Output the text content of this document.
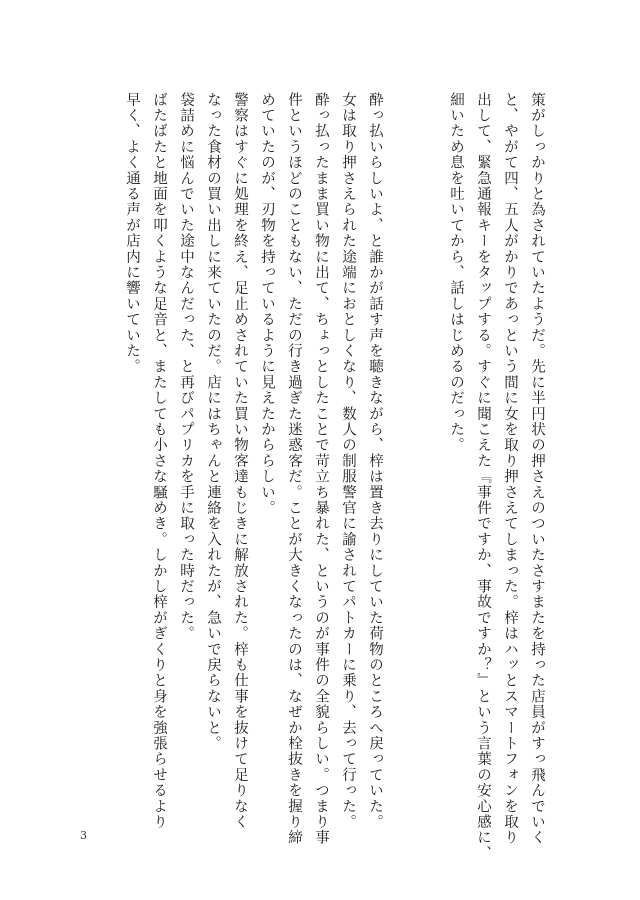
策がしっかりと為されていたようだ。先に半円状の押さえのついたさすまたを持った店員がすっ飛んでいく
と、やがて四、五人がかりであっという間に女を取り押さえてしまった。梓はハッとスマートフォンを取り
出して、緊急通報キーをタップする。すぐに聞こえた『事件ですか、事故ですか？』という言葉の安心感に、
細いため息を吐いてから、話しはじめるのだった。
酔っ払いらしいよ、と誰かが話す声を聴きながら、梓は置き去りにしていた荷物のところへ戻っていた。
女は取り押さえられた途端におとしくなり、数人の制服警官に諭されてパトカーに乗り、去って行った。
酔っ払ったまま買い物に出て、ちょっとしたことで苛立ち暴れた、というのが事件の全貌らしい。つまり事
件というほどのこともない、ただの行き過ぎた迷惑客だ。ことが大きくなったのは、なぜか栓抜きを握り締
めていたのが、刃物を持っているように見えたかららしい。
警察はすぐに処理を終え、足止めされていた買い物客達もじきに解放された。梓も仕事を抜けて足りなく
なった食材の買い出しに来ていたのだ。店にはちゃんと連絡を入れたが、急いで戻らないと。
袋詰めに悩んでいた途中なんだった、と再びパプリカを手に取った時だった。
ばたばたと地面を叩くような足音と、またしても小さな騒めき。しかし梓がぎくりと身を強張らせるより
早く、よく通る声が店内に響いていた。
3
